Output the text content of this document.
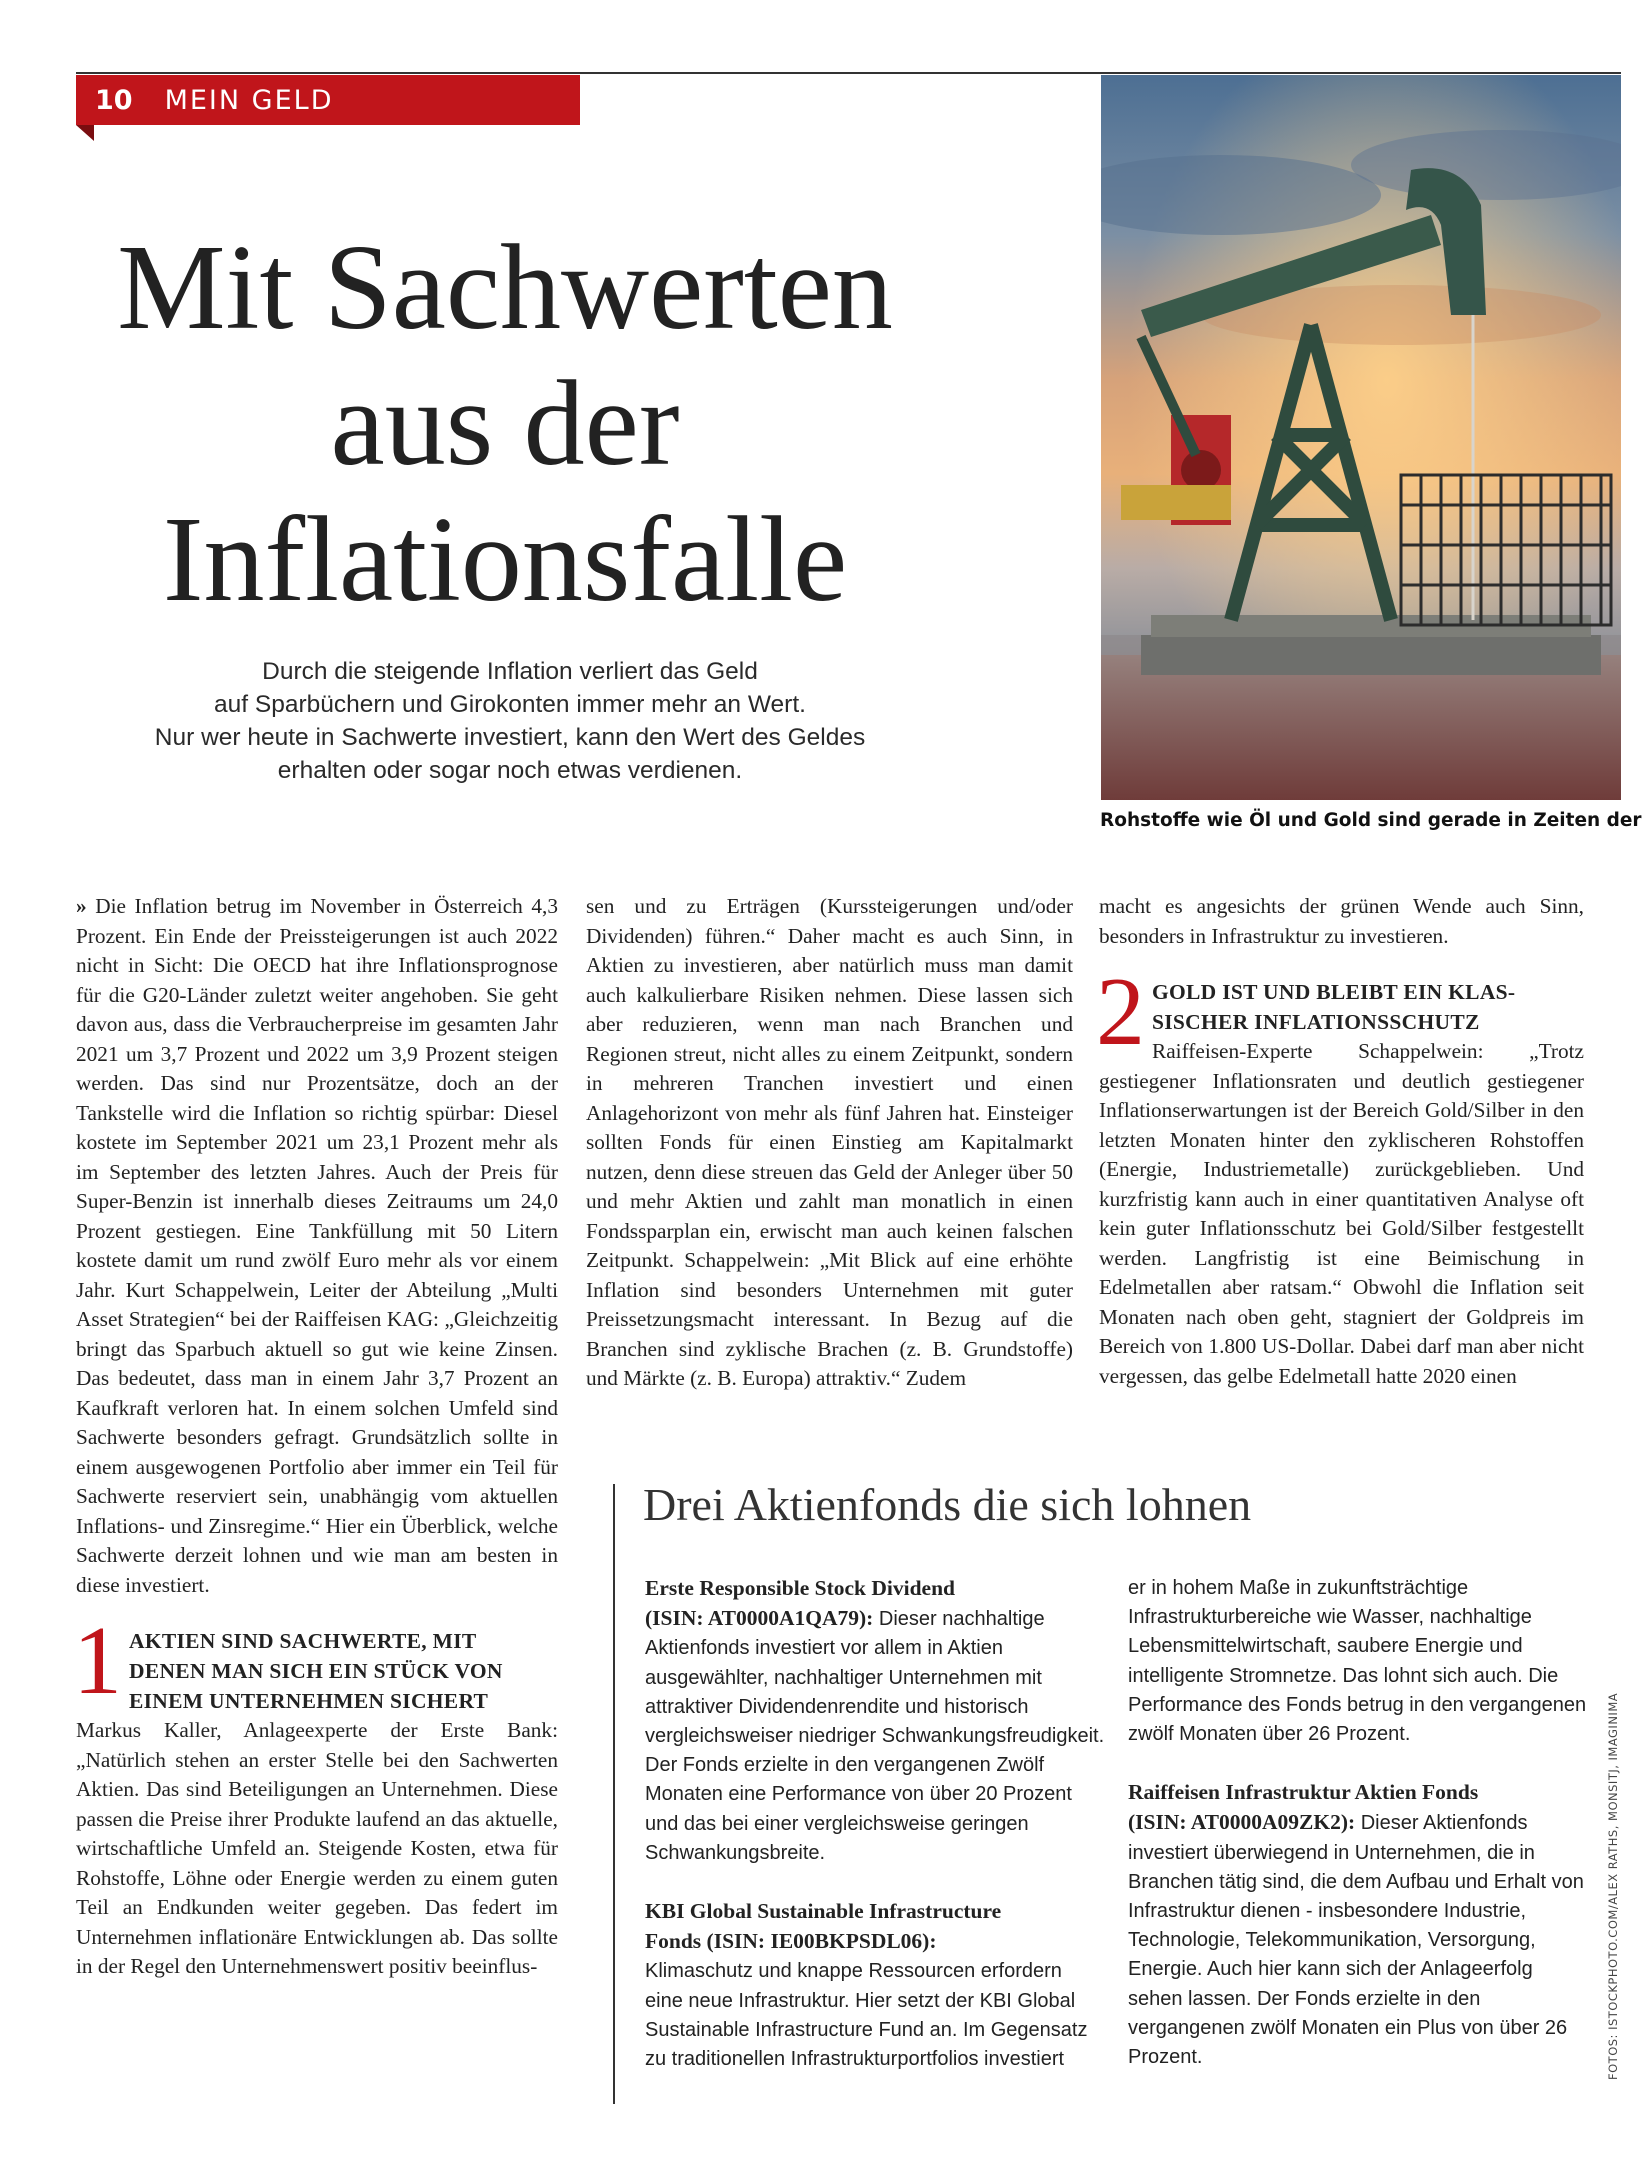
10 MEIN GELD
Mit Sachwerten
aus der
Inflationsfalle
Durch die steigende Inflation verliert das Geld
auf Sparbüchern und Girokonten immer mehr an Wert.
Nur wer heute in Sachwerte investiert, kann den Wert des Geldes
erhalten oder sogar noch etwas verdienen.
Rohstoffe wie Öl und Gold sind gerade in Zeiten der

» Die Inflation betrug im November in Österreich 4,3 Prozent. Ein Ende der Preissteigerungen ist auch 2022 nicht in Sicht: Die OECD hat ihre Inflationsprognose für die G20-Länder zuletzt weiter angehoben. Sie geht davon aus, dass die Verbraucherpreise im gesamten Jahr 2021 um 3,7 Prozent und 2022 um 3,9 Prozent steigen werden. Das sind nur Prozentsätze, doch an der Tankstelle wird die Inflation so richtig spürbar: Diesel kostete im September 2021 um 23,1 Prozent mehr als im September des letzten Jahres. Auch der Preis für Super-Benzin ist innerhalb dieses Zeitraums um 24,0 Prozent gestiegen. Eine Tankfüllung mit 50 Litern kostete damit um rund zwölf Euro mehr als vor einem Jahr. Kurt Schappelwein, Leiter der Abteilung „Multi Asset Strategien“ bei der Raiffeisen KAG: „Gleichzeitig bringt das Sparbuch aktuell so gut wie keine Zinsen. Das bedeutet, dass man in einem Jahr 3,7 Prozent an Kaufkraft verloren hat. In einem solchen Umfeld sind Sachwerte besonders gefragt. Grundsätzlich sollte in einem ausgewogenen Portfolio aber immer ein Teil für Sachwerte reserviert sein, unabhängig vom aktuellen Inflations- und Zinsregime.“ Hier ein Überblick, welche Sachwerte derzeit lohnen und wie man am besten in diese investiert.

1 AKTIEN SIND SACHWERTE, MIT

DENEN MAN SICH EIN STÜCK VON

EINEM UNTERNEHMEN SICHERT

Markus Kaller, Anlageexperte der Erste Bank: „Natürlich stehen an erster Stelle bei den Sachwerten Aktien. Das sind Beteiligungen an Unternehmen. Diese passen die Preise ihrer Produkte laufend an das aktuelle, wirtschaftliche Umfeld an. Steigende Kosten, etwa für Rohstoffe, Löhne oder Energie werden zu einem guten Teil an Endkunden weiter gegeben. Das federt im Unternehmen inflationäre Entwicklungen ab. Das sollte in der Regel den Unternehmenswert positiv beeinflus-

sen und zu Erträgen (Kurssteigerungen und/oder Dividenden) führen.“ Daher macht es auch Sinn, in Aktien zu investieren, aber natürlich muss man damit auch kalkulierbare Risiken nehmen. Diese lassen sich aber reduzieren, wenn man nach Branchen und Regionen streut, nicht alles zu einem Zeitpunkt, sondern in mehreren Tranchen investiert und einen Anlagehorizont von mehr als fünf Jahren hat. Einsteiger sollten Fonds für einen Einstieg am Kapitalmarkt nutzen, denn diese streuen das Geld der Anleger über 50 und mehr Aktien und zahlt man monatlich in einen Fondssparplan ein, erwischt man auch keinen falschen Zeitpunkt. Schappelwein: „Mit Blick auf eine erhöhte Inflation sind besonders Unternehmen mit guter Preissetzungsmacht interessant. In Bezug auf die Branchen sind zyklische Brachen (z. B. Grundstoffe) und Märkte (z. B. Europa) attraktiv.“ Zudem

macht es angesichts der grünen Wende auch Sinn, besonders in Infrastruktur zu investieren.

2 GOLD IST UND BLEIBT EIN KLAS-

SISCHER INFLATIONSSCHUTZ

Raiffeisen-Experte Schappelwein: „Trotz gestiegener Inflationsraten und deutlich gestiegener Inflationserwartungen ist der Bereich Gold/Silber in den letzten Monaten hinter den zyklischeren Rohstoffen (Energie, Industriemetalle) zurückgeblieben. Und kurzfristig kann auch in einer quantitativen Analyse oft kein guter Inflationsschutz bei Gold/Silber festgestellt werden. Langfristig ist eine Beimischung in Edelmetallen aber ratsam.“ Obwohl die Inflation seit Monaten nach oben geht, stagniert der Goldpreis im Bereich von 1.800 US-Dollar. Dabei darf man aber nicht vergessen, das gelbe Edelmetall hatte 2020 einen

Drei Aktienfonds die sich lohnen
Erste Responsible Stock Dividend
(ISIN: AT0000A1QA79): Dieser nachhaltige Aktienfonds investiert vor allem in Aktien ausgewählter, nachhaltiger Unternehmen mit attraktiver Dividendenrendite und historisch vergleichsweiser niedriger Schwankungsfreudigkeit. Der Fonds erzielte in den vergangenen Zwölf Monaten eine Performance von über 20 Prozent und das bei einer vergleichsweise geringen Schwankungsbreite.
KBI Global Sustainable Infrastructure
Fonds (ISIN: IE00BKPSDL06):
Klimaschutz und knappe Ressourcen erfordern eine neue Infrastruktur. Hier setzt der KBI Global Sustainable Infrastructure Fund an. Im Gegensatz zu traditionellen Infrastrukturportfolios investiert
er in hohem Maße in zukunftsträchtige Infrastrukturbereiche wie Wasser, nachhaltige Lebensmittelwirtschaft, saubere Energie und intelligente Stromnetze. Das lohnt sich auch. Die Performance des Fonds betrug in den vergangenen zwölf Monaten über 26 Prozent.
Raiffeisen Infrastruktur Aktien Fonds
(ISIN: AT0000A09ZK2): Dieser Aktienfonds investiert überwiegend in Unternehmen, die in Branchen tätig sind, die dem Aufbau und Erhalt von Infrastruktur dienen - insbesondere Industrie, Technologie, Telekommunikation, Versorgung, Energie. Auch hier kann sich der Anlageerfolg sehen lassen. Der Fonds erzielte in den vergangenen zwölf Monaten ein Plus von über 26 Prozent.	FOTOS: ISTOCKPHOTO.COM/ALEX RATHS, MONSITJ, IMAGINIMA
